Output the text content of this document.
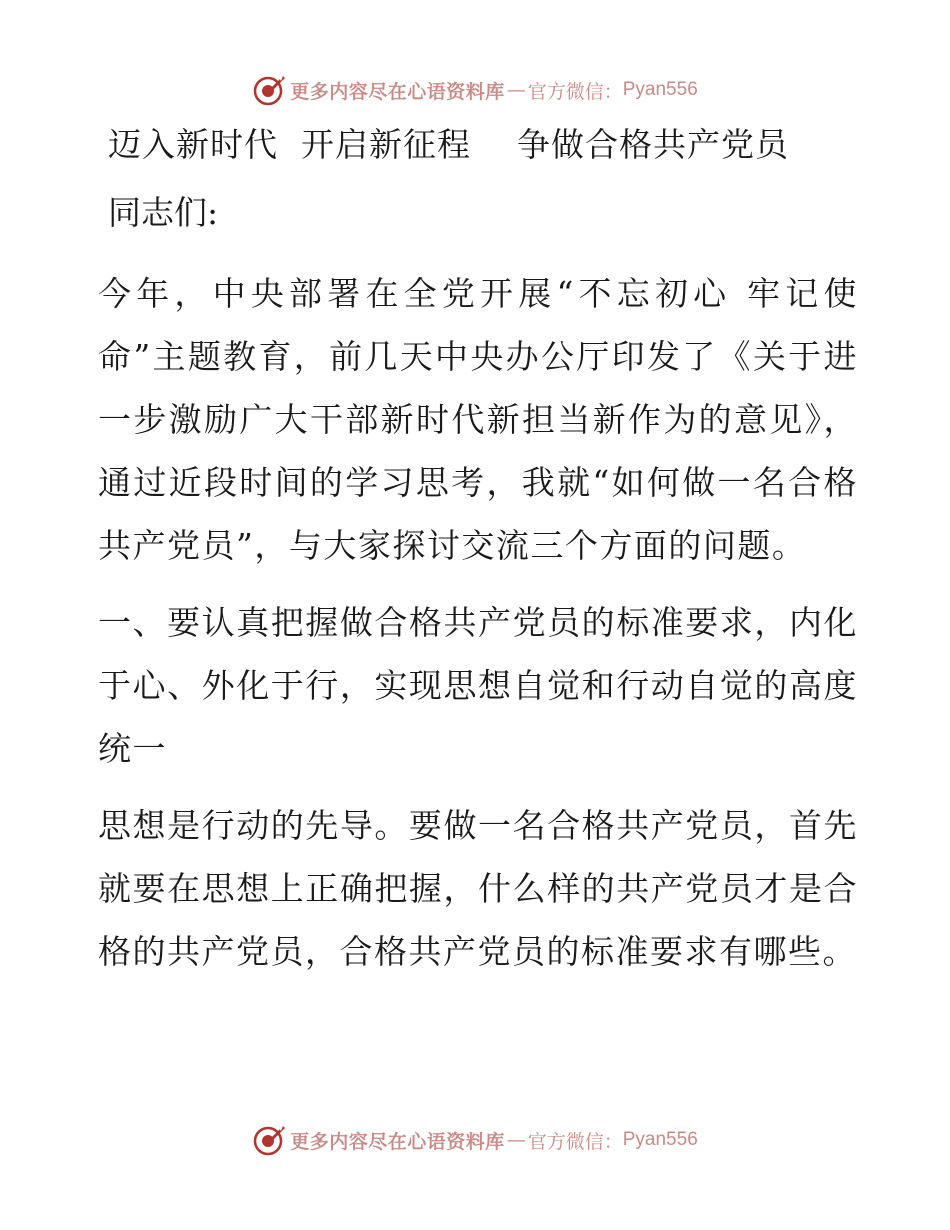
更多内容尽在心语资料库 — 官方微信： Pyan556
迈入新时代  开启新征程    争做合格共产党员
同志们:

今年，中央部署在全党开展“不忘初心 牢记使命”主题教育，前几天中央办公厅印发了《关于进一步激励广大干部新时代新担当新作为的意见》，通过近段时间的学习思考，我就“如何做一名合格共产党员”，与大家探讨交流三个方面的问题。

一、要认真把握做合格共产党员的标准要求，内化于心、外化于行，实现思想自觉和行动自觉的高度统一

思想是行动的先导。要做一名合格共产党员，首先就要在思想上正确把握，什么样的共产党员才是合格的共产党员，合格共产党员的标准要求有哪些。

更多内容尽在心语资料库 — 官方微信： Pyan556
